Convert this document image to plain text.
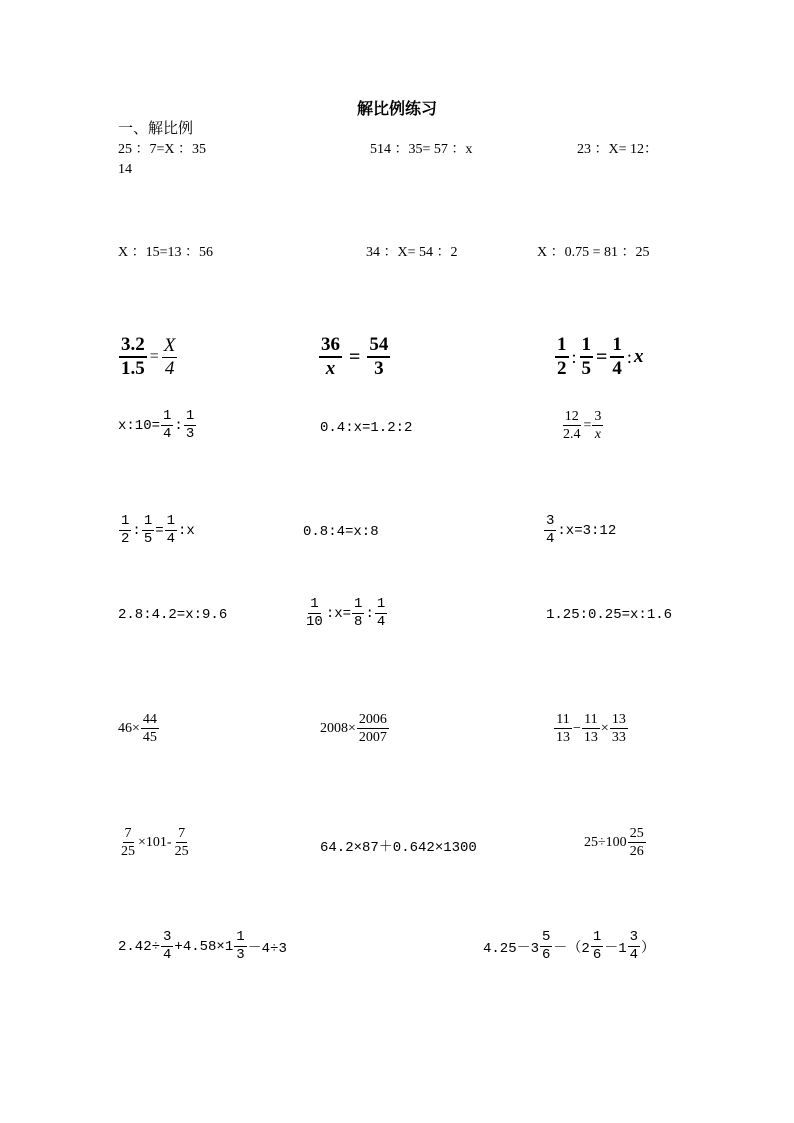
解比例练习
一、解比例
25 ：7=X ：35	514 ：35= 57 ：x	23 ：X= 12：
14
X ：15=13 ：56	34 ：X= 54 ：2	X ：0.75 = 81 ：25
$\frac{3.2}{1.5} = \frac{X}{4}$	$\frac{36}{x} = \frac{54}{3}$	$\frac{1}{2}$ : $\frac{1}{5} = \frac{1}{4}$ : x
x:10= $\frac{1}{4}$ : $\frac{1}{3}$	0.4:x=1.2:2	$\frac{12}{2.4} = \frac{3}{x}$
$\frac{1}{2}$ : $\frac{1}{5} = \frac{1}{4}$ :x	0.8:4=x:8	$\frac{3}{4}$ :x=3:12
2.8:4.2=x:9.6	$\frac{1}{10}$ :x= $\frac{1}{8}$ : $\frac{1}{4}$	1.25:0.25=x:1.6
$46\times \frac{44}{45}$	$2008\times \frac{2006}{2007}$	$\frac{11}{13} - \frac{11}{13} \times \frac{13}{33}$
$\frac{7}{25} \times 101- \frac{7}{25}$	64.2×87＋0.642×1300	$25\div 100 \frac{25}{26}$
$2.42\div \frac{3}{4} +4.58\times 1 \frac{1}{3} -4\div 3$	$4.25-3 \frac{5}{6} -(2 \frac{1}{6} -1 \frac{3}{4}$ ）
